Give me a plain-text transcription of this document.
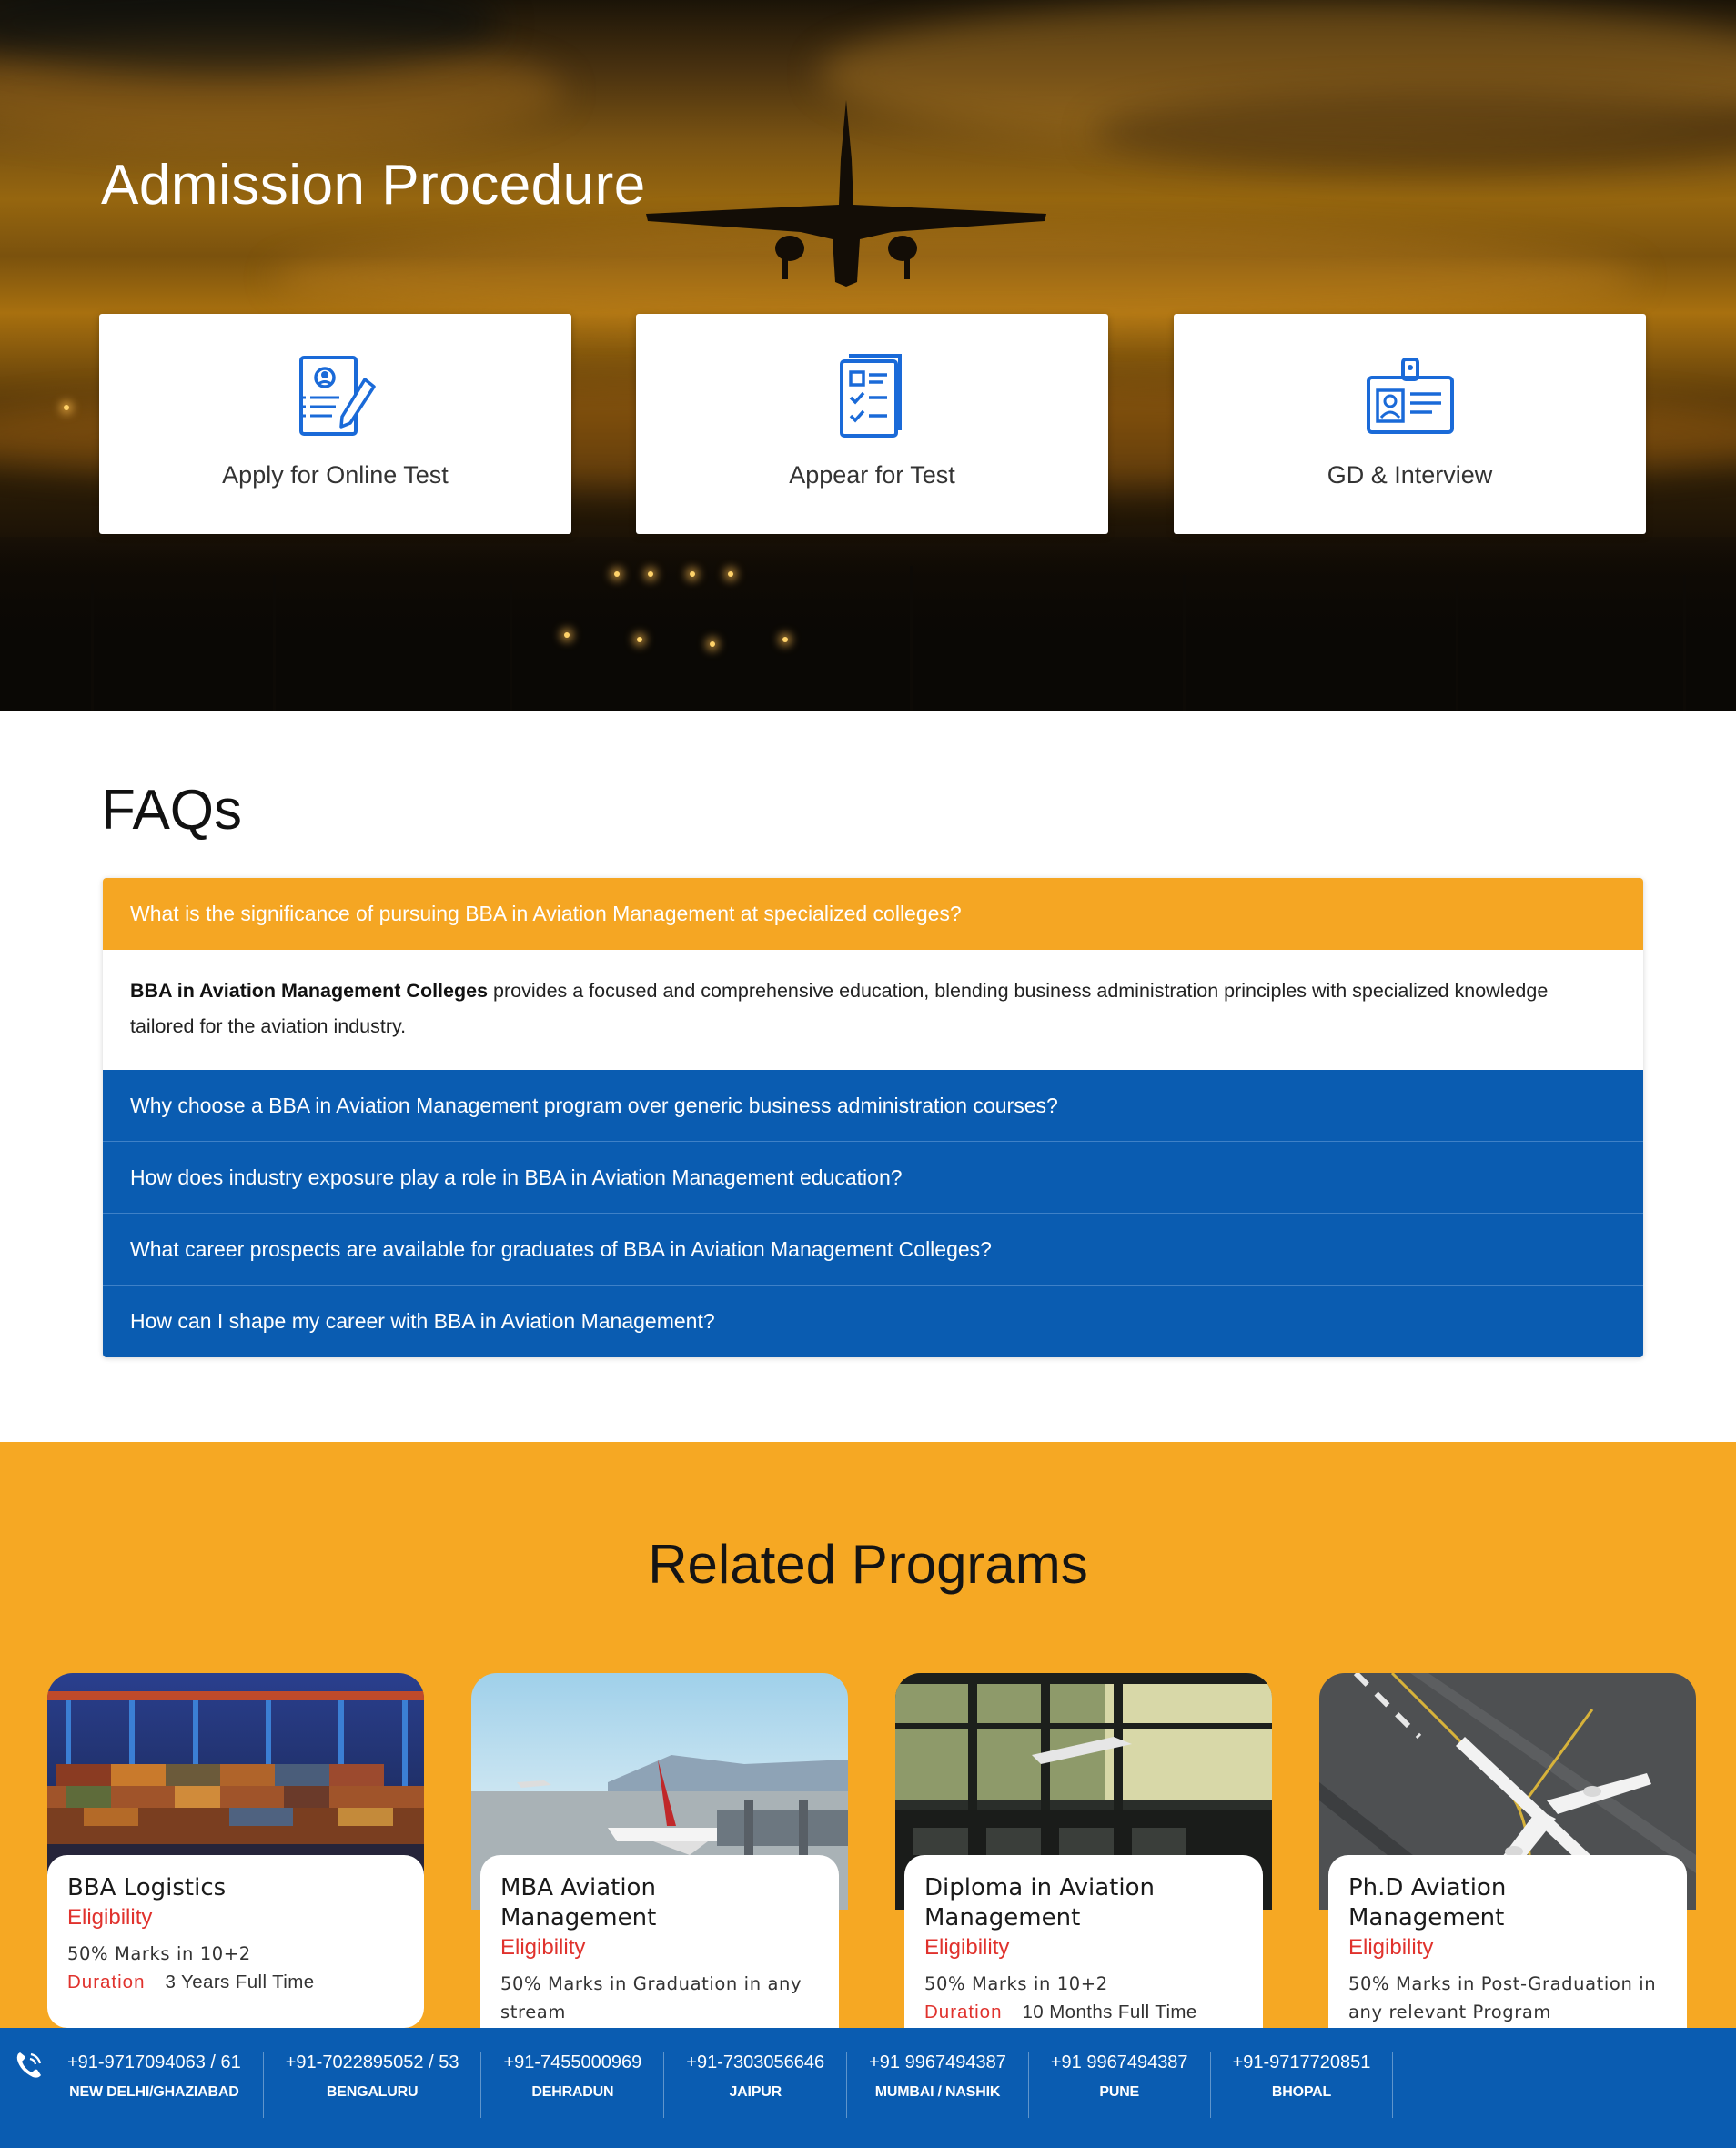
Admission Procedure
Apply for Online Test	Appear for Test	GD & Interview
FAQs
What is the significance of pursuing BBA in Aviation Management at specialized colleges?
BBA in Aviation Management Colleges provides a focused and comprehensive education, blending business administration principles with specialized knowledge tailored for the aviation industry.
Why choose a BBA in Aviation Management program over generic business administration courses?
How does industry exposure play a role in BBA in Aviation Management education?
What career prospects are available for graduates of BBA in Aviation Management Colleges?
How can I shape my career with BBA in Aviation Management?
Related Programs
BBA Logistics
Eligibility
50% Marks in 10+2
Duration 3 Years Full Time
MBA Aviation Management
Eligibility
50% Marks in Graduation in any stream
Diploma in Aviation Management
Eligibility
50% Marks in 10+2
Duration 10 Months Full Time
Ph.D Aviation Management
Eligibility
50% Marks in Post-Graduation in any relevant Program
+91-9717094063 / 61
NEW DELHI/GHAZIABAD
+91-7022895052 / 53
BENGALURU
+91-7455000969
DEHRADUN
+91-7303056646
JAIPUR
+91 9967494387
MUMBAI / NASHIK
+91 9967494387
PUNE
+91-9717720851
BHOPAL
